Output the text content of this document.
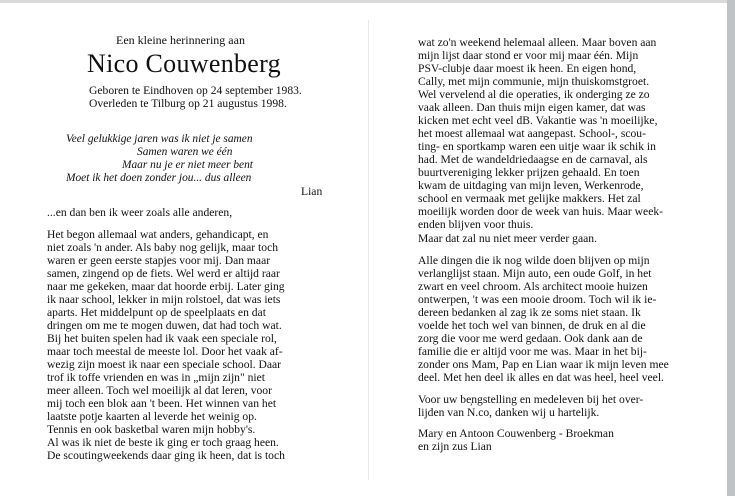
Een kleine herinnering aan
Nico Couwenberg
Geboren te Eindhoven op 24 september 1983.
Overleden te Tilburg op 21 augustus 1998.
Veel gelukkige jaren was ik niet je samen
Samen waren we één
Maar nu je er niet meer bent
Moet ik het doen zonder jou... dus alleen
Lian
...en dan ben ik weer zoals alle anderen,
Het begon allemaal wat anders, gehandicapt, en
niet zoals 'n ander. Als baby nog gelijk, maar toch
waren er geen eerste stapjes voor mij. Dan maar
samen, zingend op de fiets. Wel werd er altijd raar
naar me gekeken, maar dat hoorde erbij. Later ging
ik naar school, lekker in mijn rolstoel, dat was iets
aparts. Het middelpunt op de speelplaats en dat
dringen om me te mogen duwen, dat had toch wat.
Bij het buiten spelen had ik vaak een speciale rol,
maar toch meestal de meeste lol. Door het vaak af-
wezig zijn moest ik naar een speciale school. Daar
trof ik toffe vrienden en was in „mijn zijn" niet
meer alleen. Toch wel moeilijk al dat leren, voor
mij toch een blok aan 't been. Het winnen van het
laatste potje kaarten al leverde het weinig op.
Tennis en ook basketbal waren mijn hobby's.
Al was ik niet de beste ik ging er toch graag heen.
De scoutingweekends daar ging ik heen, dat is toch
wat zo'n weekend helemaal alleen. Maar boven aan
mijn lijst daar stond er voor mij maar één. Mijn
PSV-clubje daar moest ik heen. En eigen hond,
Cally, met mijn communie, mijn thuiskomstgroet.
Wel vervelend al die operaties, ik onderging ze zo
vaak alleen. Dan thuis mijn eigen kamer, dat was
kicken met echt veel dB. Vakantie was 'n moeilijke,
het moest allemaal wat aangepast. School-, scou-
ting- en sportkamp waren een uitje waar ik schik in
had. Met de wandeldriedaagse en de carnaval, als
buurtvereniging lekker prijzen gehaald. En toen
kwam de uitdaging van mijn leven, Werkenrode,
school en vermaak met gelijke makkers. Het zal
moeilijk worden door de week van huis. Maar week-
enden blijven voor thuis.
Maar dat zal nu niet meer verder gaan.
Alle dingen die ik nog wilde doen blijven op mijn
verlanglijst staan. Mijn auto, een oude Golf, in het
zwart en veel chroom. Als architect mooie huizen
ontwerpen, 't was een mooie droom. Toch wil ik ie-
dereen bedanken al zag ik ze soms niet staan. Ik
voelde het toch wel van binnen, de druk en al die
zorg die voor me werd gedaan. Ook dank aan de
familie die er altijd voor me was. Maar in het bij-
zonder ons Mam, Pap en Lian waar ik mijn leven mee
deel. Met hen deel ik alles en dat was heel, heel veel.
Voor uw be̦ngstelling en medeleven bij het over-
lijden van N.co, danken wij u hartelijk.
Mary en Antoon Couwenberg - Broekman
en zijn zus Lian
